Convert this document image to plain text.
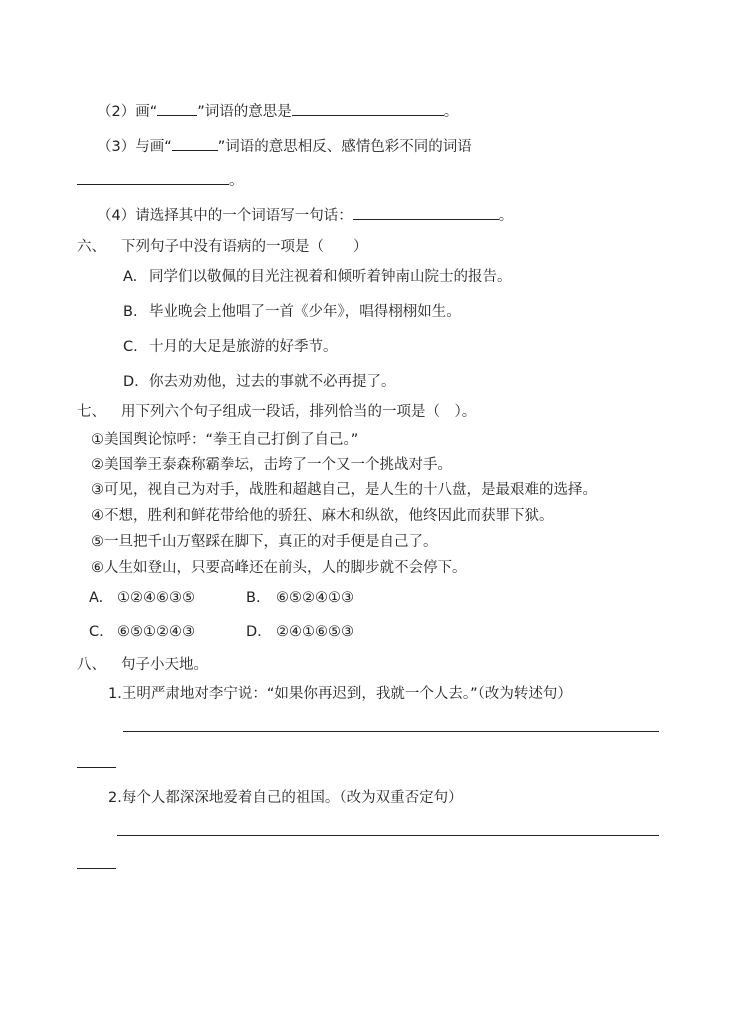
（2）画“	”词语的意思是	。
（3）与画“	”词语的意思相反、感情色彩不同的词语
。
（4）请选择其中的一个词语写一句话：	。
六、 下列句子中没有语病的一项是（　　）
A. 同学们以敬佩的目光注视着和倾听着钟南山院士的报告。
B. 毕业晚会上他唱了一首《少年》，唱得栩栩如生。
C. 十月的大足是旅游的好季节。
D. 你去劝劝他，过去的事就不必再提了。
七、 用下列六个句子组成一段话，排列恰当的一项是（　）。
①美国舆论惊呼：“拳王自己打倒了自己。”
②美国拳王泰森称霸拳坛，击垮了一个又一个挑战对手。
③可见，视自己为对手，战胜和超越自己，是人生的十八盘，是最艰难的选择。
④不想，胜利和鲜花带给他的骄狂、麻木和纵欲，他终因此而获罪下狱。
⑤一旦把千山万壑踩在脚下，真正的对手便是自己了。
⑥人生如登山，只要高峰还在前头，人的脚步就不会停下。
A. ①②④⑥③⑤	B. ⑥⑤②④①③
C. ⑥⑤①②④③	D. ②④①⑥⑤③
八、 句子小天地。
1.王明严肃地对李宁说：“如果你再迟到，我就一个人去。”（改为转述句）
2.每个人都深深地爱着自己的祖国。（改为双重否定句）
